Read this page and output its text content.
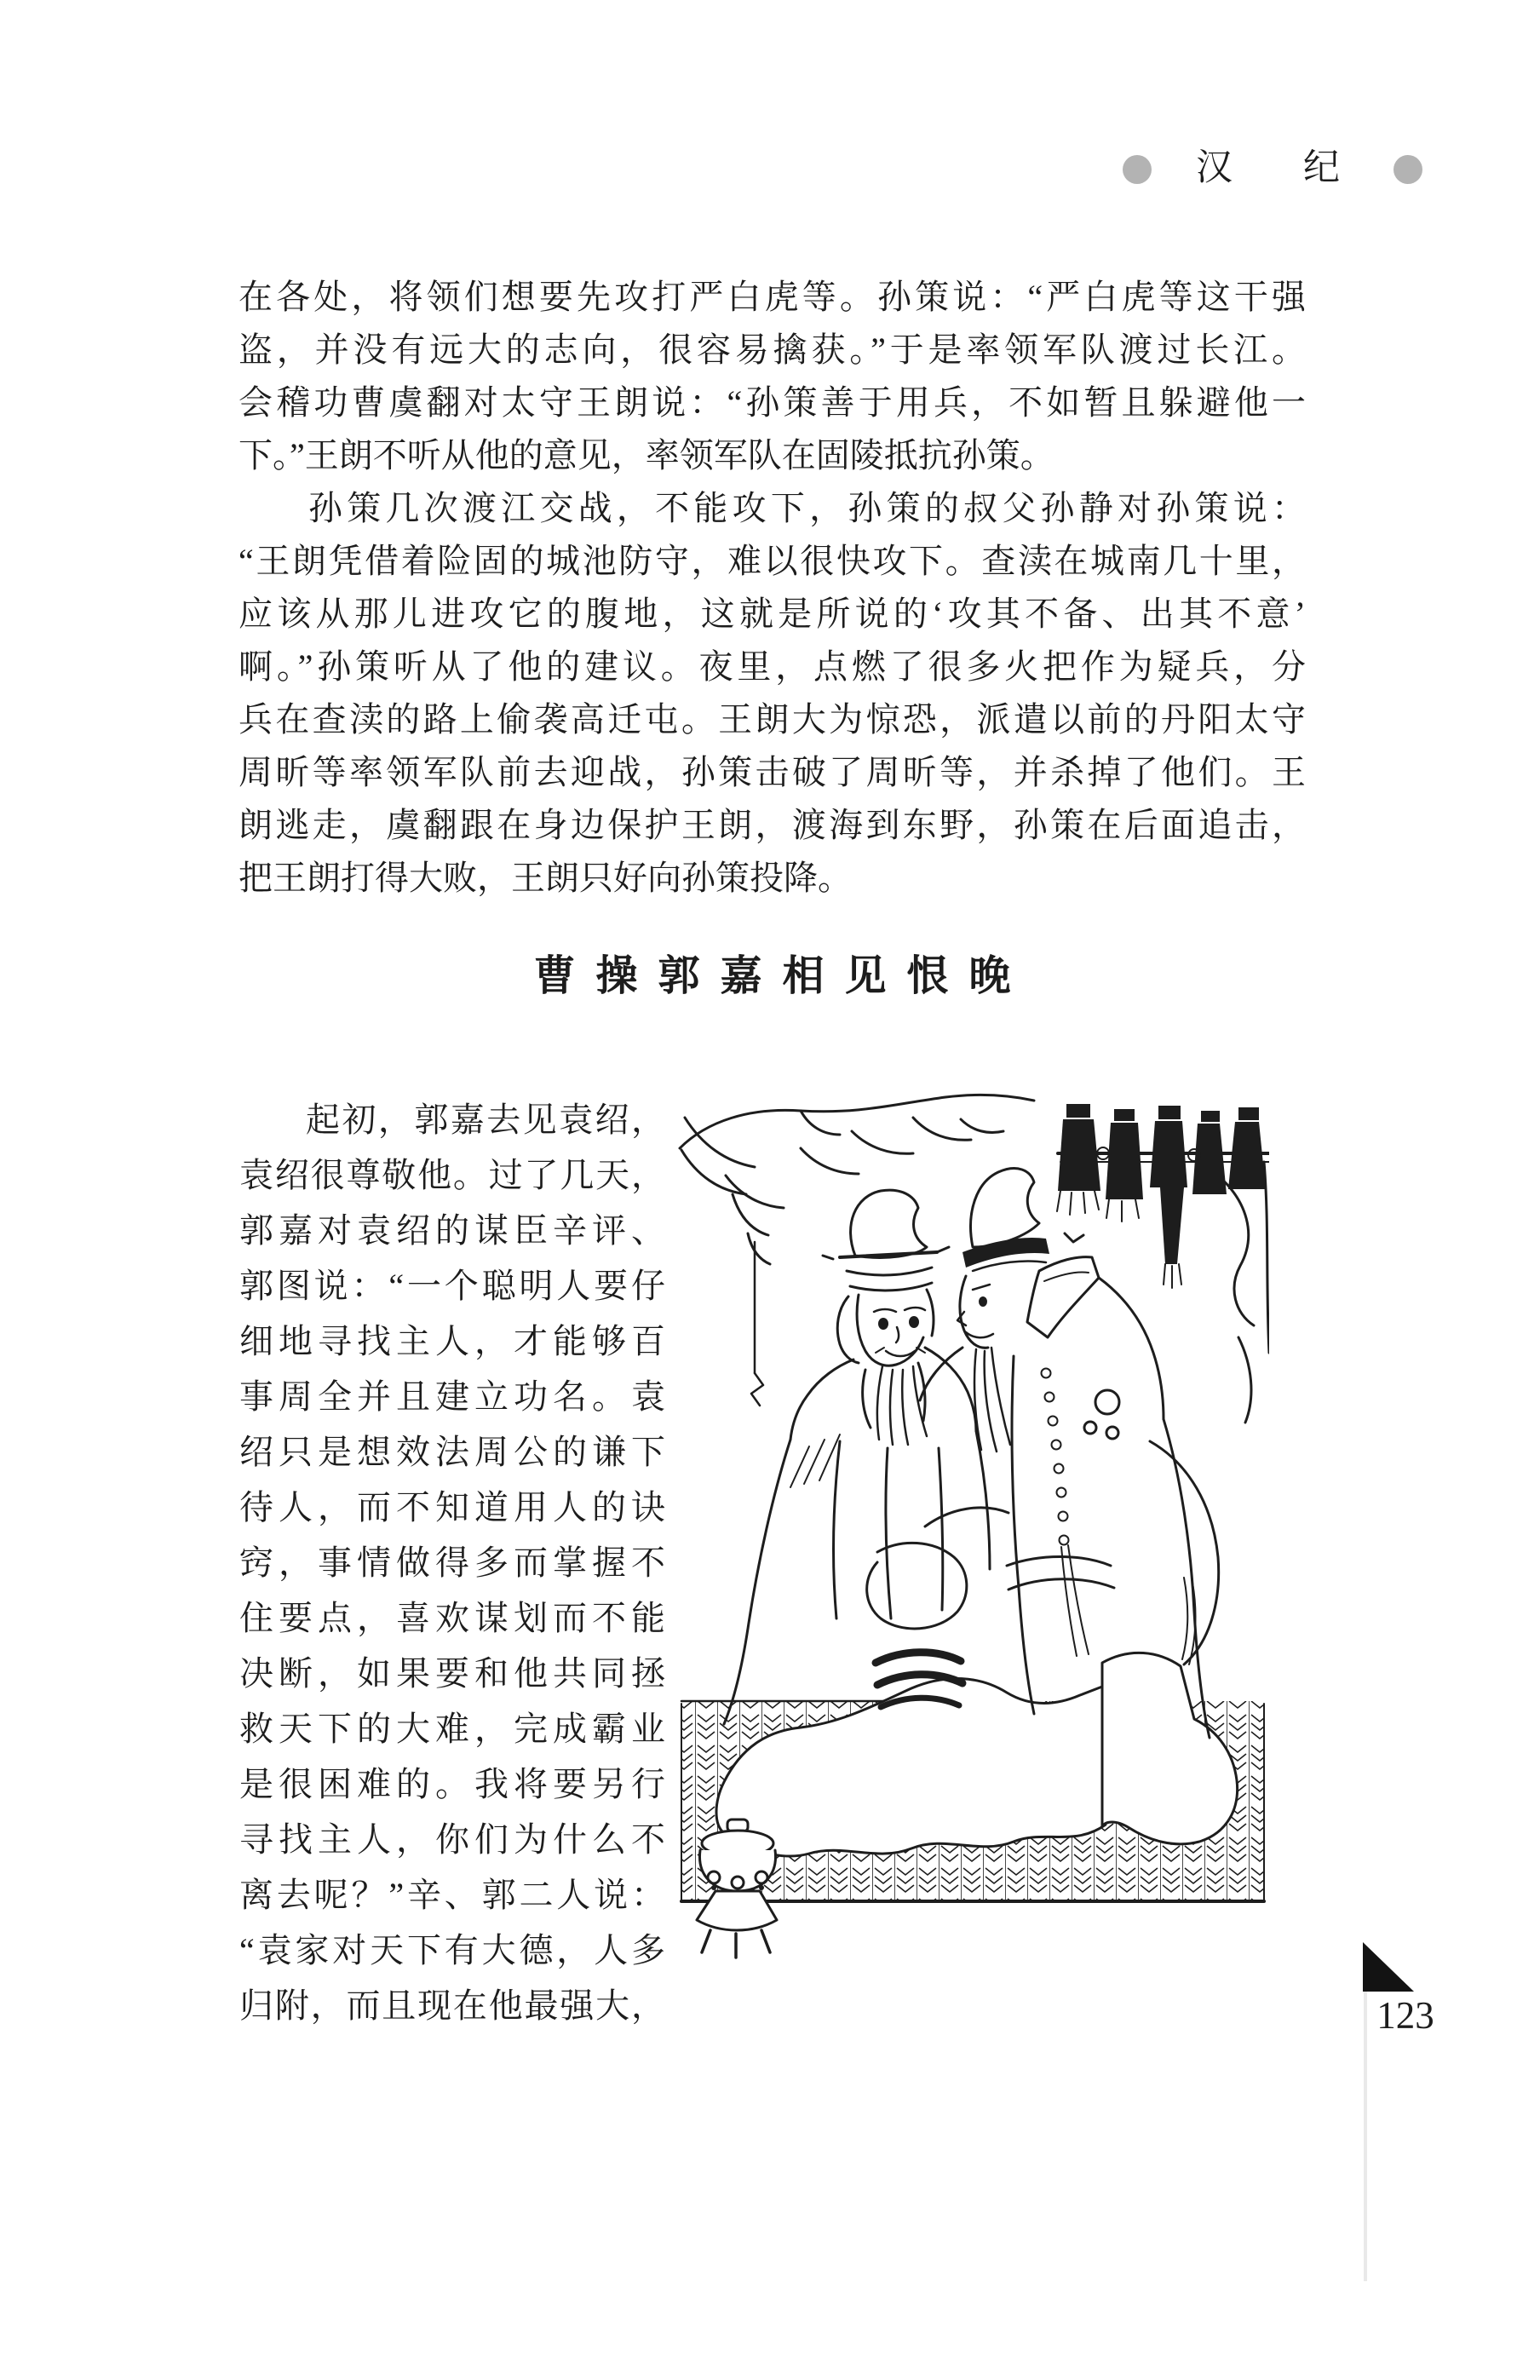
汉 纪
在各处，将领们想要先攻打严白虎等。孙策说：“严白虎等这干强
盗，并没有远大的志向，很容易擒获。”于是率领军队渡过长江。
会稽功曹虞翻对太守王朗说：“孙策善于用兵，不如暂且躲避他一
下。”王朗不听从他的意见，率领军队在固陵抵抗孙策。
孙策几次渡江交战，不能攻下，孙策的叔父孙静对孙策说：
“王朗凭借着险固的城池防守，难以很快攻下。查渎在城南几十里，
应该从那儿进攻它的腹地，这就是所说的‘攻其不备、出其不意’
啊。”孙策听从了他的建议。夜里，点燃了很多火把作为疑兵，分
兵在查渎的路上偷袭高迁屯。王朗大为惊恐，派遣以前的丹阳太守
周昕等率领军队前去迎战，孙策击破了周昕等，并杀掉了他们。王
朗逃走，虞翻跟在身边保护王朗，渡海到东野，孙策在后面追击，
把王朗打得大败，王朗只好向孙策投降。
曹操郭嘉相见恨晚
起初，郭嘉去见袁绍，
袁绍很尊敬他。过了几天，
郭嘉对袁绍的谋臣辛评、
郭图说：“一个聪明人要仔
细地寻找主人，才能够百
事周全并且建立功名。袁
绍只是想效法周公的谦下
待人，而不知道用人的诀
窍，事情做得多而掌握不
住要点，喜欢谋划而不能
决断，如果要和他共同拯
救天下的大难，完成霸业
是很困难的。我将要另行
寻找主人，你们为什么不
离去呢？”辛、郭二人说：
“袁家对天下有大德，人多
归附，而且现在他最强大，	123
